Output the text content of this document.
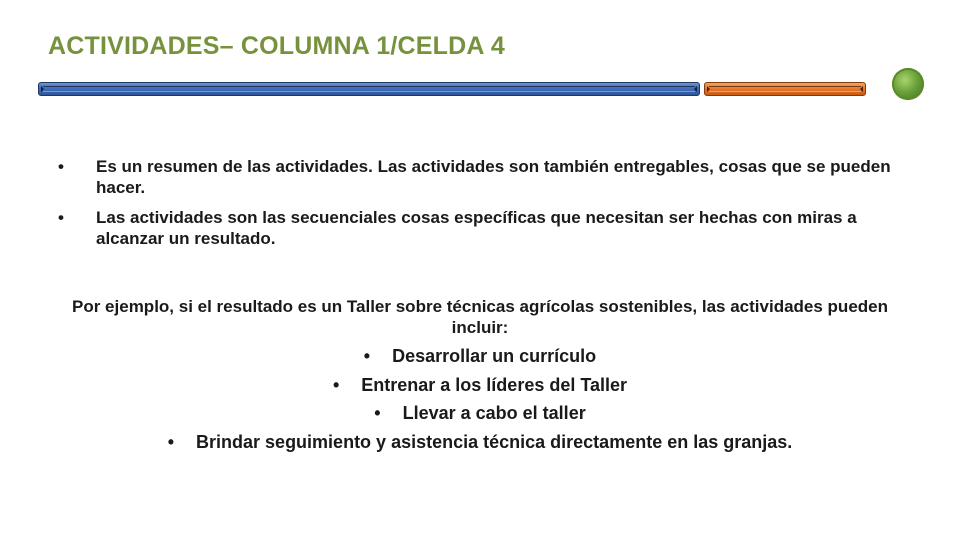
ACTIVIDADES– COLUMNA 1/CELDA 4
• Es un resumen de las actividades. Las actividades son también entregables, cosas que se pueden hacer.
• Las actividades son las secuenciales cosas específicas que necesitan ser hechas con miras a alcanzar un resultado.
Por ejemplo, si el resultado es un Taller sobre técnicas agrícolas sostenibles, las actividades pueden incluir:
• Desarrollar un currículo
• Entrenar a los líderes del Taller
• Llevar a cabo el taller
• Brindar seguimiento y asistencia técnica directamente en las granjas.
